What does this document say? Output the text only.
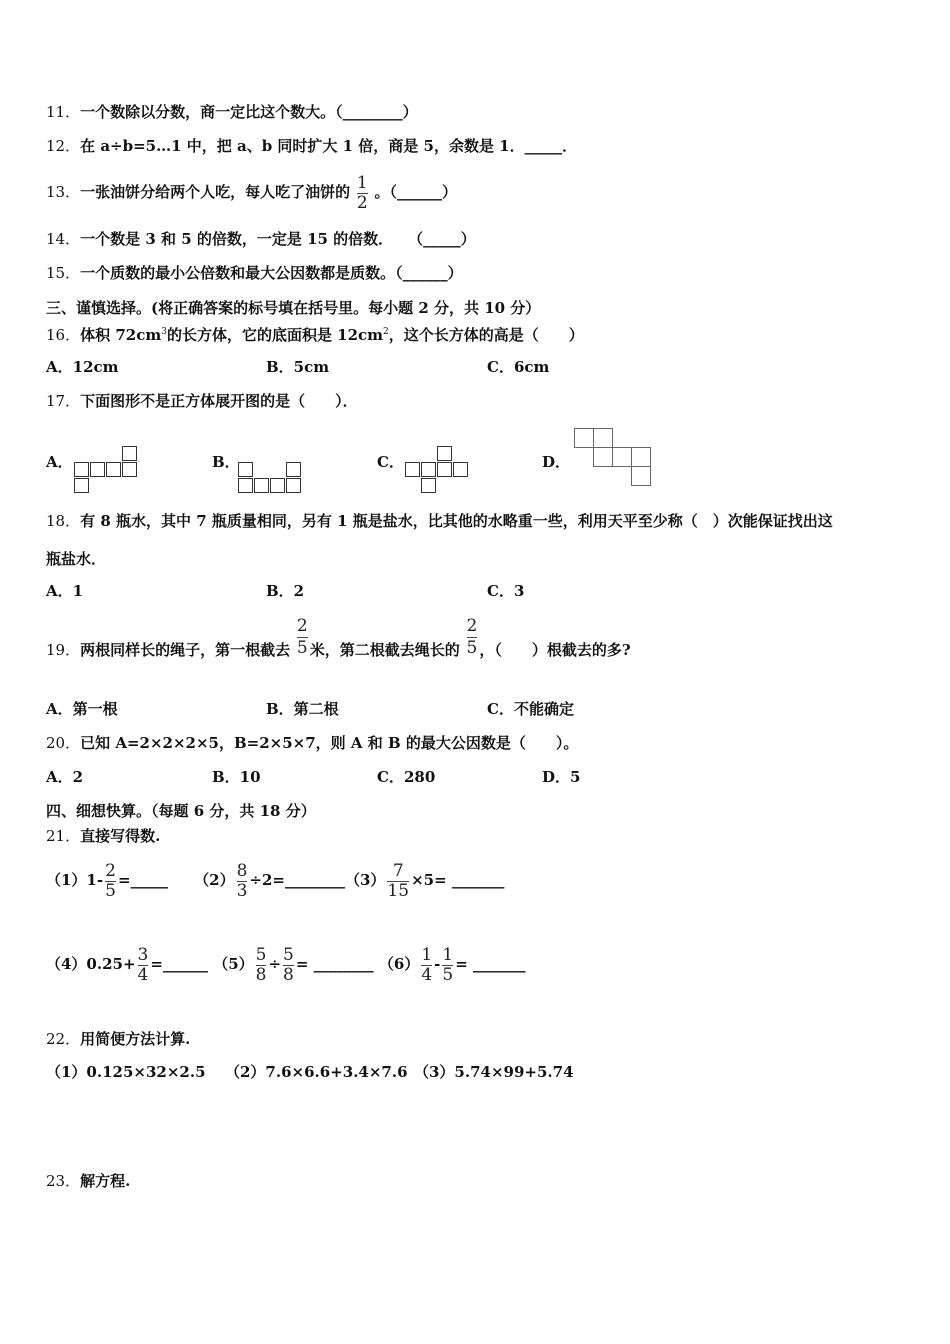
11．一个数除以分数，商一定比这个数大。（________）
12．在 a÷b=5…1 中，把 a、b 同时扩大 1 倍，商是 5，余数是 1．_____．
13．一张油饼分给两个人吃，每人吃了油饼的 $\frac{1}{2}$ 。（______）
14．一个数是 3 和 5 的倍数，一定是 15 的倍数．　　（_____）
15．一个质数的最小公倍数和最大公因数都是质数。（______）
三、谨慎选择。(将正确答案的标号填在括号里。每小题 2 分，共 10 分）
16．体积 $72cm^3$的长方体，它的底面积是 $12cm^2$，这个长方体的高是（　　）
A．12cm	B．5cm	C．6cm
17．下面图形不是正方体展开图的是（　　）．
A．	B．	C．	D．
18．有 8 瓶水，其中 7 瓶质量相同，另有 1 瓶是盐水，比其他的水略重一些，利用天平至少称（　）次能保证找出这
瓶盐水．
A．1	B．2	C．3
19．两根同样长的绳子，第一根截去 $\frac{2}{5}$ 米，第二根截去绳长的 $\frac{2}{5}$ ，（　　）根截去的多?
A．第一根	B．第二根	C．不能确定
20．已知 A=2×2×2×5，B=2×5×7，则 A 和 B 的最大公因数是（　　）。
A．2	B．10	C．280	D．5
四、细想快算。（每题 6 分，共 18 分）
21．直接写得数.
$(1)1- \frac{2}{5}$ =_____ $(2) \frac{8}{3}$ ÷2=________（3） $\frac{7}{15} \times 5=$ _______
$(4)0.25+ \frac{3}{4}$ =______ $(5) \frac{5}{8} \div \frac{5}{8}$ = ________ $(6) \frac{1}{4} - \frac{1}{5}$ = _______
22．用简便方法计算.
（1）0.125×32×2.5 （2）7.6×6.6+3.4×7.6 （3）5.74×99+5.74
23．解方程.
